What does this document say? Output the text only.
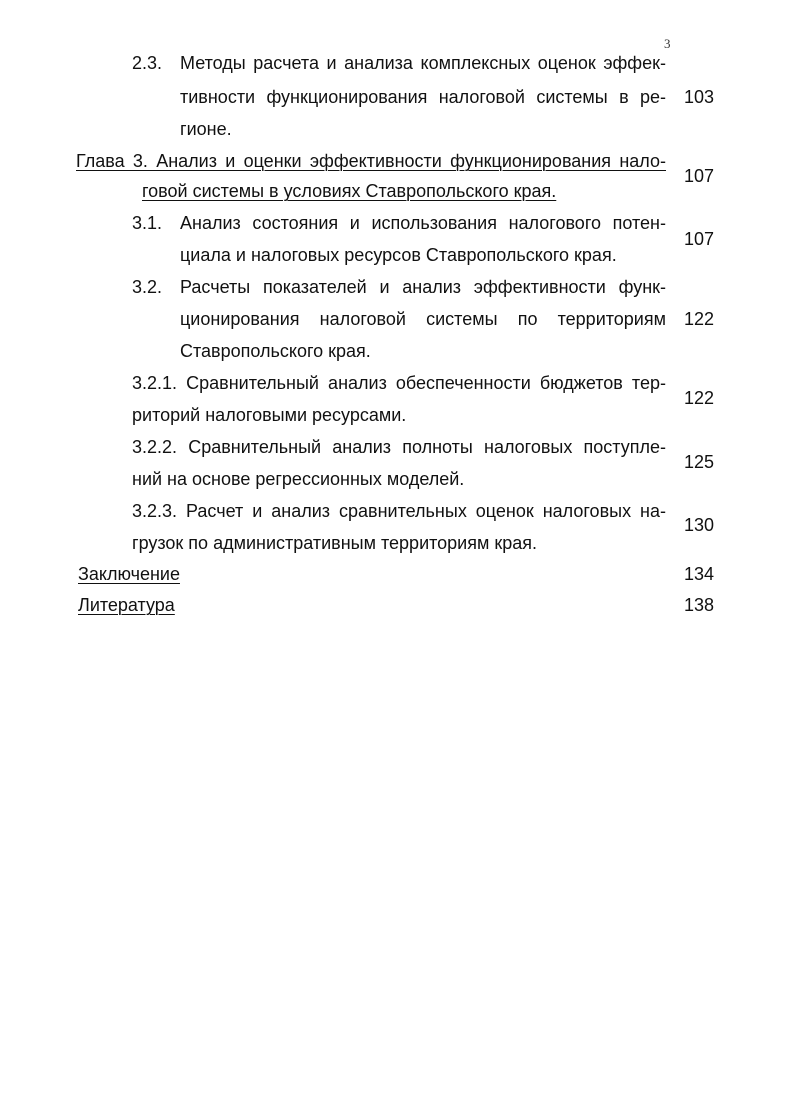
3
2.3. Методы расчета и анализа комплексных оценок эффек-
тивности функционирования налоговой системы в ре-
гионе.
103
Глава 3. Анализ и оценки эффективности функционирования нало-
говой системы в условиях Ставропольского края.
107
3.1. Анализ состояния и использования налогового потен-
циала и налоговых ресурсов Ставропольского края.
107
3.2. Расчеты показателей и анализ эффективности функ-
ционирования налоговой системы по территориям
Ставропольского края.
122
3.2.1. Сравнительный анализ обеспеченности бюджетов тер-
риторий налоговыми ресурсами.
122
3.2.2. Сравнительный анализ полноты налоговых поступле-
ний на основе регрессионных моделей.
125
3.2.3. Расчет и анализ сравнительных оценок налоговых на-
грузок по административным территориям края.
130
Заключение	134
Литература	138
